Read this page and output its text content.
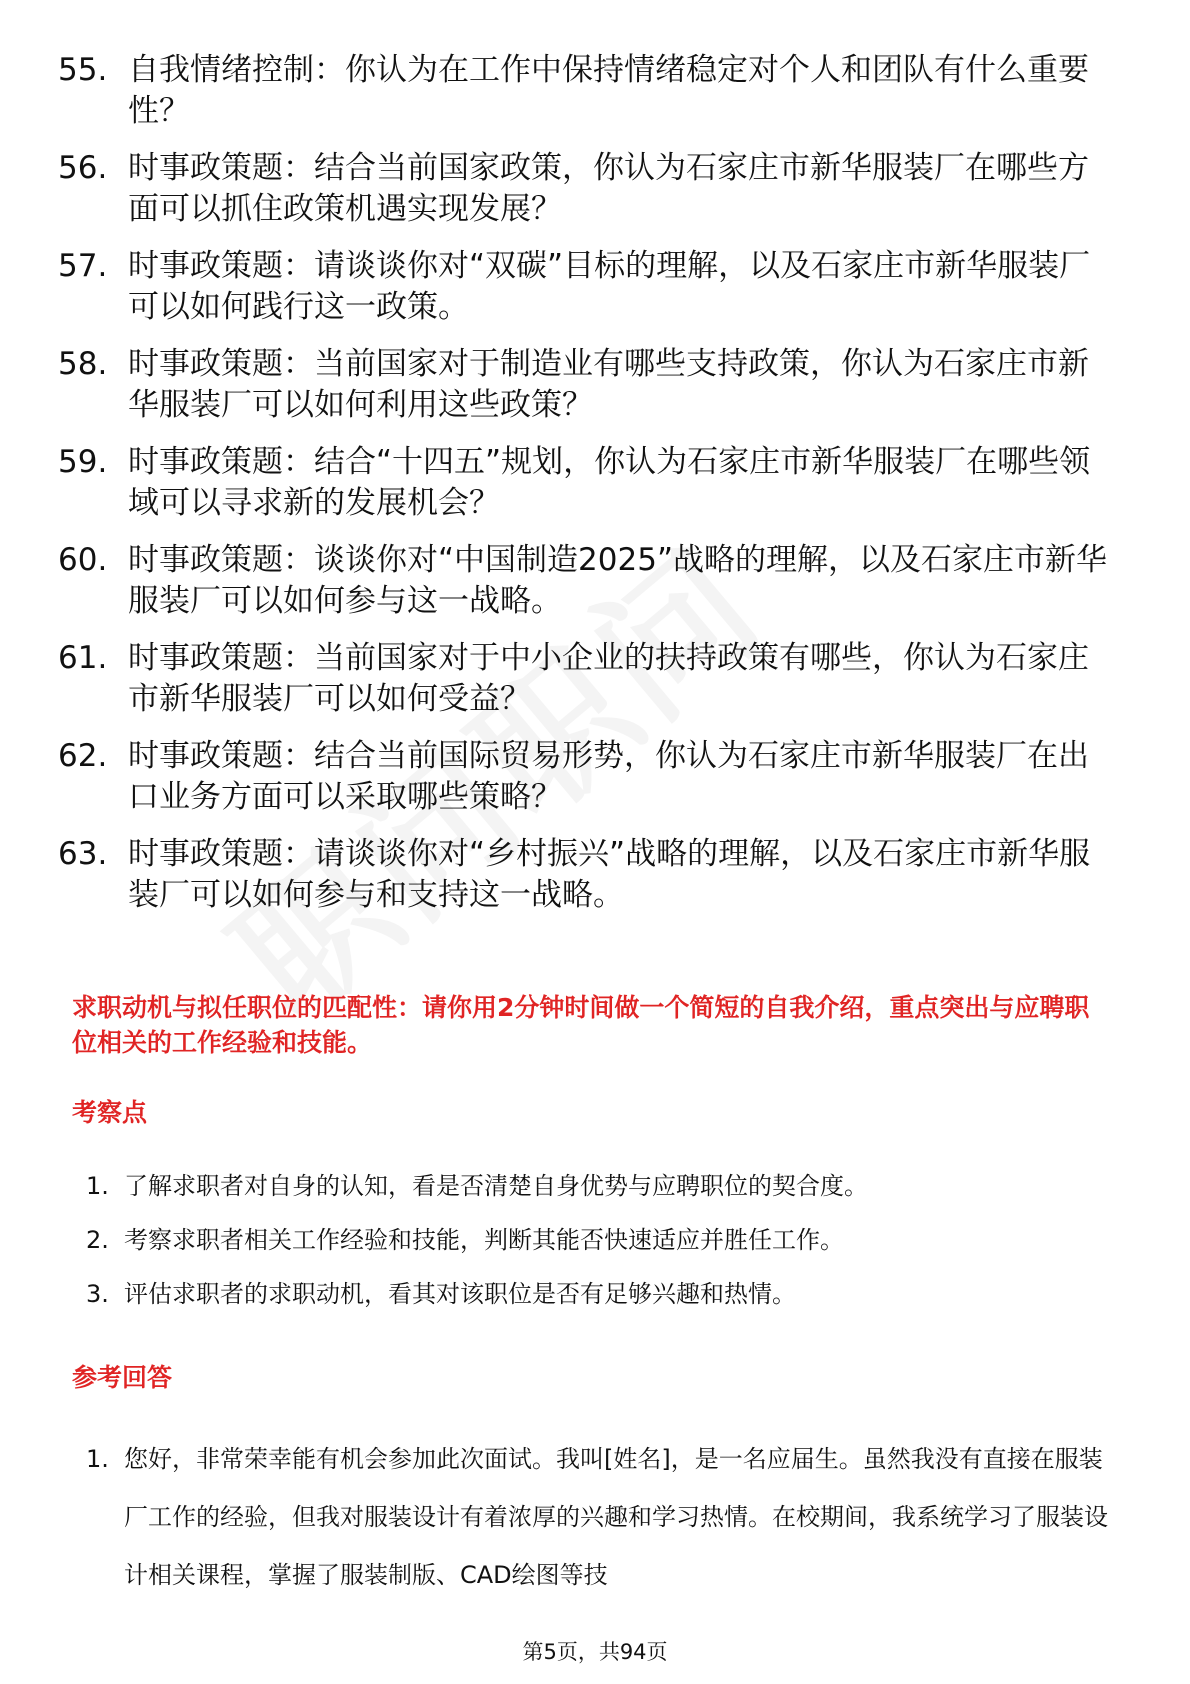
55. 自我情绪控制：你认为在工作中保持情绪稳定对个人和团队有什么重要性？
56. 时事政策题：结合当前国家政策，你认为石家庄市新华服装厂在哪些方面可以抓住政策机遇实现发展？
57. 时事政策题：请谈谈你对“双碳”目标的理解，以及石家庄市新华服装厂可以如何践行这一政策。
58. 时事政策题：当前国家对于制造业有哪些支持政策，你认为石家庄市新华服装厂可以如何利用这些政策？
59. 时事政策题：结合“十四五”规划，你认为石家庄市新华服装厂在哪些领域可以寻求新的发展机会？
60. 时事政策题：谈谈你对“中国制造2025”战略的理解，以及石家庄市新华服装厂可以如何参与这一战略。
61. 时事政策题：当前国家对于中小企业的扶持政策有哪些，你认为石家庄市新华服装厂可以如何受益？
62. 时事政策题：结合当前国际贸易形势，你认为石家庄市新华服装厂在出口业务方面可以采取哪些策略？
63. 时事政策题：请谈谈你对“乡村振兴”战略的理解，以及石家庄市新华服装厂可以如何参与和支持这一战略。
求职动机与拟任职位的匹配性：请你用2分钟时间做一个简短的自我介绍，重点突出与应聘职位相关的工作经验和技能。
考察点
1. 了解求职者对自身的认知，看是否清楚自身优势与应聘职位的契合度。
2. 考察求职者相关工作经验和技能，判断其能否快速适应并胜任工作。
3. 评估求职者的求职动机，看其对该职位是否有足够兴趣和热情。
参考回答
1. 您好，非常荣幸能有机会参加此次面试。我叫[姓名]，是一名应届生。虽然我没有直接在服装厂工作的经验，但我对服装设计有着浓厚的兴趣和学习热情。在校期间，我系统学习了服装设计相关课程，掌握了服装制版、CAD绘图等技
第5页，共94页
